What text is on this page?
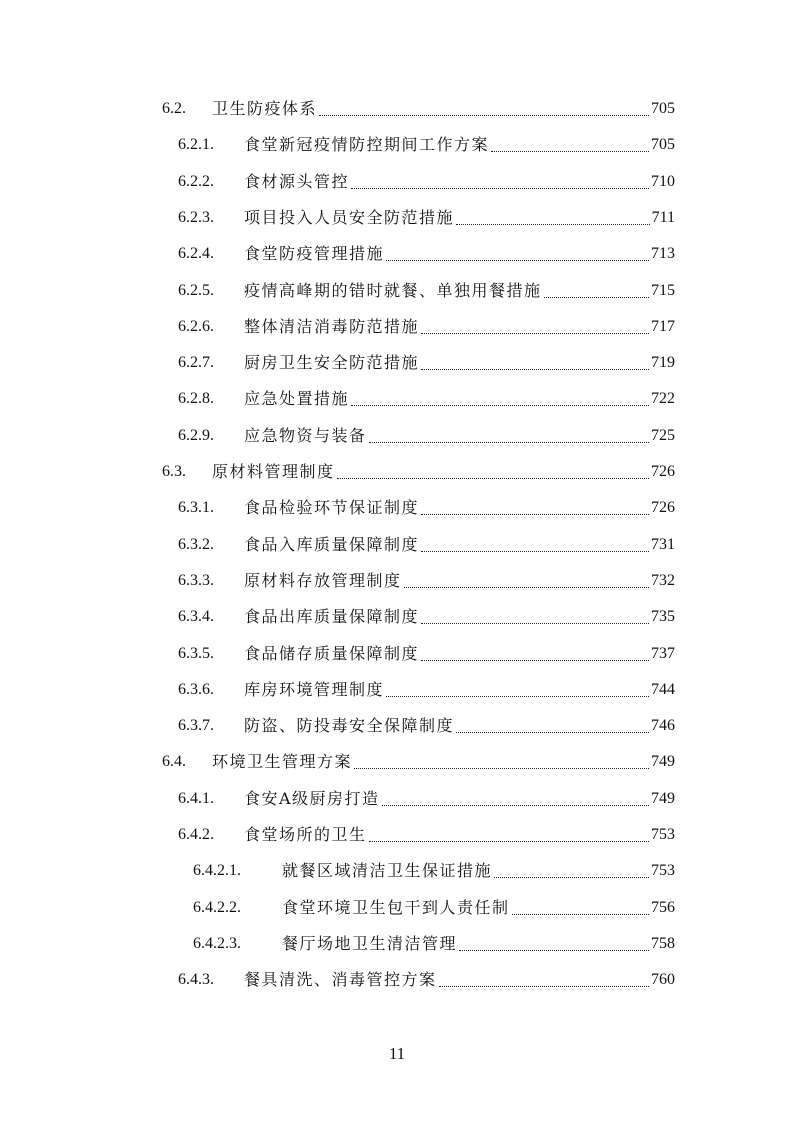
6.2.	卫生防疫体系	705
6.2.1.	食堂新冠疫情防控期间工作方案	705
6.2.2.	食材源头管控	710
6.2.3.	项目投入人员安全防范措施	711
6.2.4.	食堂防疫管理措施	713
6.2.5.	疫情高峰期的错时就餐、单独用餐措施	715
6.2.6.	整体清洁消毒防范措施	717
6.2.7.	厨房卫生安全防范措施	719
6.2.8.	应急处置措施	722
6.2.9.	应急物资与装备	725
6.3.	原材料管理制度	726
6.3.1.	食品检验环节保证制度	726
6.3.2.	食品入库质量保障制度	731
6.3.3.	原材料存放管理制度	732
6.3.4.	食品出库质量保障制度	735
6.3.5.	食品储存质量保障制度	737
6.3.6.	库房环境管理制度	744
6.3.7.	防盗、防投毒安全保障制度	746
6.4.	环境卫生管理方案	749
6.4.1.	食安A级厨房打造	749
6.4.2.	食堂场所的卫生	753
6.4.2.1.	就餐区域清洁卫生保证措施	753
6.4.2.2.	食堂环境卫生包干到人责任制	756
6.4.2.3.	餐厅场地卫生清洁管理	758
6.4.3.	餐具清洗、消毒管控方案	760
11
